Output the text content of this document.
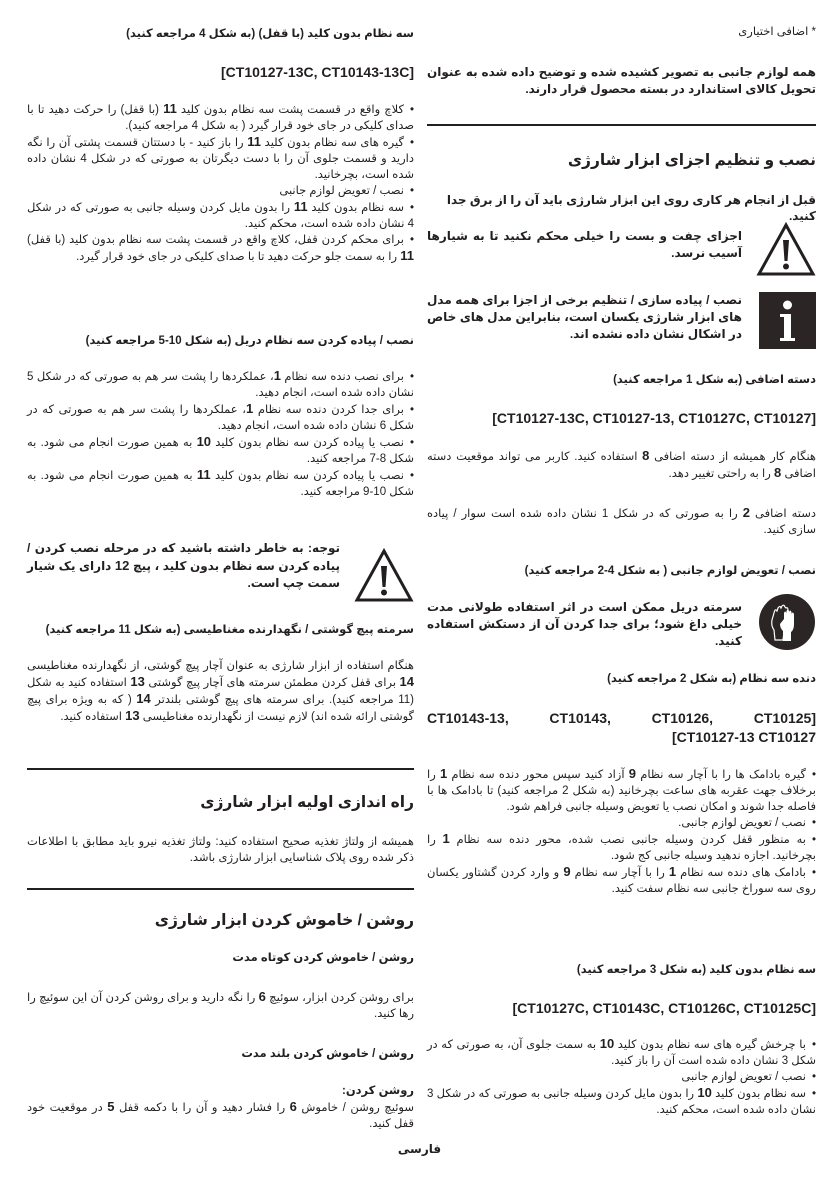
* اضافی اختیاری
همه لوازم جانبی به تصویر کشیده شده و توضیح داده شده به عنوان تحویل کالای استاندارد در بسته محصول قرار دارند.
نصب و تنظیم اجزای ابزار شارژی
قبل از انجام هر کاری روی این ابزار شارژی باید آن را از برق جدا کنید.
اجزای چفت و بست را خیلی محکم نکنید تا به شیارها آسیب نرسد.
نصب / پیاده سازی / تنظیم برخی از اجزا برای همه مدل های ابزار شارژی یکسان است، بنابراین مدل های خاص در اشکال نشان داده نشده اند.
دسته اضافی (به شکل 1 مراجعه کنید)
[CT10127-13C, CT10127-13, CT10127C, CT10127]
هنگام کار همیشه از دسته اضافی 8 استفاده کنید. کاربر می تواند موقعیت دسته اضافی 8 را به راحتی تغییر دهد.
دسته اضافی 2 را به صورتی که در شکل 1 نشان داده شده است سوار / پیاده سازی کنید.
نصب / تعویض لوازم جانبی ( به شکل 4-2 مراجعه کنید)
سرمته دریل ممکن است در اثر استفاده طولانی مدت خیلی داغ شود؛ برای جدا کردن آن از دستکش استفاده کنید.
دنده سه نظام (به شکل 2 مراجعه کنید)
CT10143-13, CT10143, CT10126, CT10125]
[CT10127-13 CT10127
• گیره بادامک ها را با آچار سه نظام 9 آزاد کنید سپس محور دنده سه نظام 1 را برخلاف جهت عقربه های ساعت بچرخانید (به شکل 2 مراجعه کنید) تا بادامک ها با فاصله جدا شوند و امکان نصب یا تعویض وسیله جانبی فراهم شود.
• نصب / تعویض لوازم جانبی.
• به منظور قفل کردن وسیله جانبی نصب شده، محور دنده سه نظام 1 را بچرخانید. اجازه ندهید وسیله جانبی کج شود.
• بادامک های دنده سه نظام 1 را با آچار سه نظام 9 و وارد کردن گشتاور یکسان روی سه سوراخ جانبی سه نظام سفت کنید.
سه نظام بدون کلید (به شکل 3 مراجعه کنید)
[CT10127C, CT10143C, CT10126C, CT10125C]
• با چرخش گیره های سه نظام بدون کلید 10 به سمت جلوی آن، به صورتی که در شکل 3 نشان داده شده است آن را باز کنید.
• نصب / تعویض لوازم جانبی
• سه نظام بدون کلید 10 را بدون مایل کردن وسیله جانبی به صورتی که در شکل 3 نشان داده شده است، محکم کنید.
سه نظام بدون کلید (با قفل) (به شکل 4 مراجعه کنید)
[CT10127-13C, CT10143-13C]
• کلاچ واقع در قسمت پشت سه نظام بدون کلید 11 (با قفل) را حرکت دهید تا با صدای کلیکی در جای خود قرار گیرد ( به شکل 4 مراجعه کنید).
• گیره های سه نظام بدون کلید 11 را باز کنید - با دستتان قسمت پشتی آن را نگه دارید و قسمت جلوی آن را با دست دیگرتان به صورتی که در شکل 4 نشان داده شده است، بچرخانید.
• نصب / تعویض لوازم جانبی
• سه نظام بدون کلید 11 را بدون مایل کردن وسیله جانبی به صورتی که در شکل 4 نشان داده شده است، محکم کنید.
• برای محکم کردن قفل، کلاچ واقع در قسمت پشت سه نظام بدون کلید (با قفل) 11 را به سمت جلو حرکت دهید تا با صدای کلیکی در جای خود قرار گیرد.
نصب / پیاده کردن سه نظام دریل (به شکل 10-5 مراجعه کنید)
• برای نصب دنده سه نظام 1، عملکردها را پشت سر هم به صورتی که در شکل 5 نشان داده شده است، انجام دهید.
• برای جدا کردن دنده سه نظام 1، عملکردها را پشت سر هم به صورتی که در شکل 6 نشان داده شده است، انجام دهید.
• نصب یا پیاده کردن سه نظام بدون کلید 10 به همین صورت انجام می شود. به شکل 8-7 مراجعه کنید.
• نصب یا پیاده کردن سه نظام بدون کلید 11 به همین صورت انجام می شود. به شکل 10-9 مراجعه کنید.
توجه: به خاطر داشته باشید که در مرحله نصب کردن / پیاده کردن سه نظام بدون کلید ، پیچ 12 دارای یک شیار سمت چپ است.
سرمته پیچ گوشتی / نگهدارنده مغناطیسی (به شکل 11 مراجعه کنید)
هنگام استفاده از ابزار شارژی به عنوان آچار پیچ گوشتی، از نگهدارنده مغناطیسی 14 برای قفل کردن مطمئن سرمته های آچار پیچ گوشتی 13 استفاده کنید به شکل (11 مراجعه کنید). برای سرمته های پیچ گوشتی بلندتر 14 ( که به ویژه برای پیچ گوشتی ارائه شده اند) لازم نیست از نگهدارنده مغناطیسی 13 استفاده کنید.
راه اندازی اولیه ابزار شارژی
همیشه از ولتاژ تغذیه صحیح استفاده کنید: ولتاژ تغذیه نیرو باید مطابق با اطلاعات ذکر شده روی پلاک شناسایی ابزار شارژی باشد.
روشن / خاموش کردن ابزار شارژی
روشن / خاموش کردن کوتاه مدت
برای روشن کردن ابزار، سوئیچ 6 را نگه دارید و برای روشن کردن آن این سوئیچ را رها کنید.
روشن / خاموش کردن بلند مدت
روشن کردن:
سوئیچ روشن / خاموش 6 را فشار دهید و آن را با دکمه قفل 5 در موقعیت خود قفل کنید.
فارسی
